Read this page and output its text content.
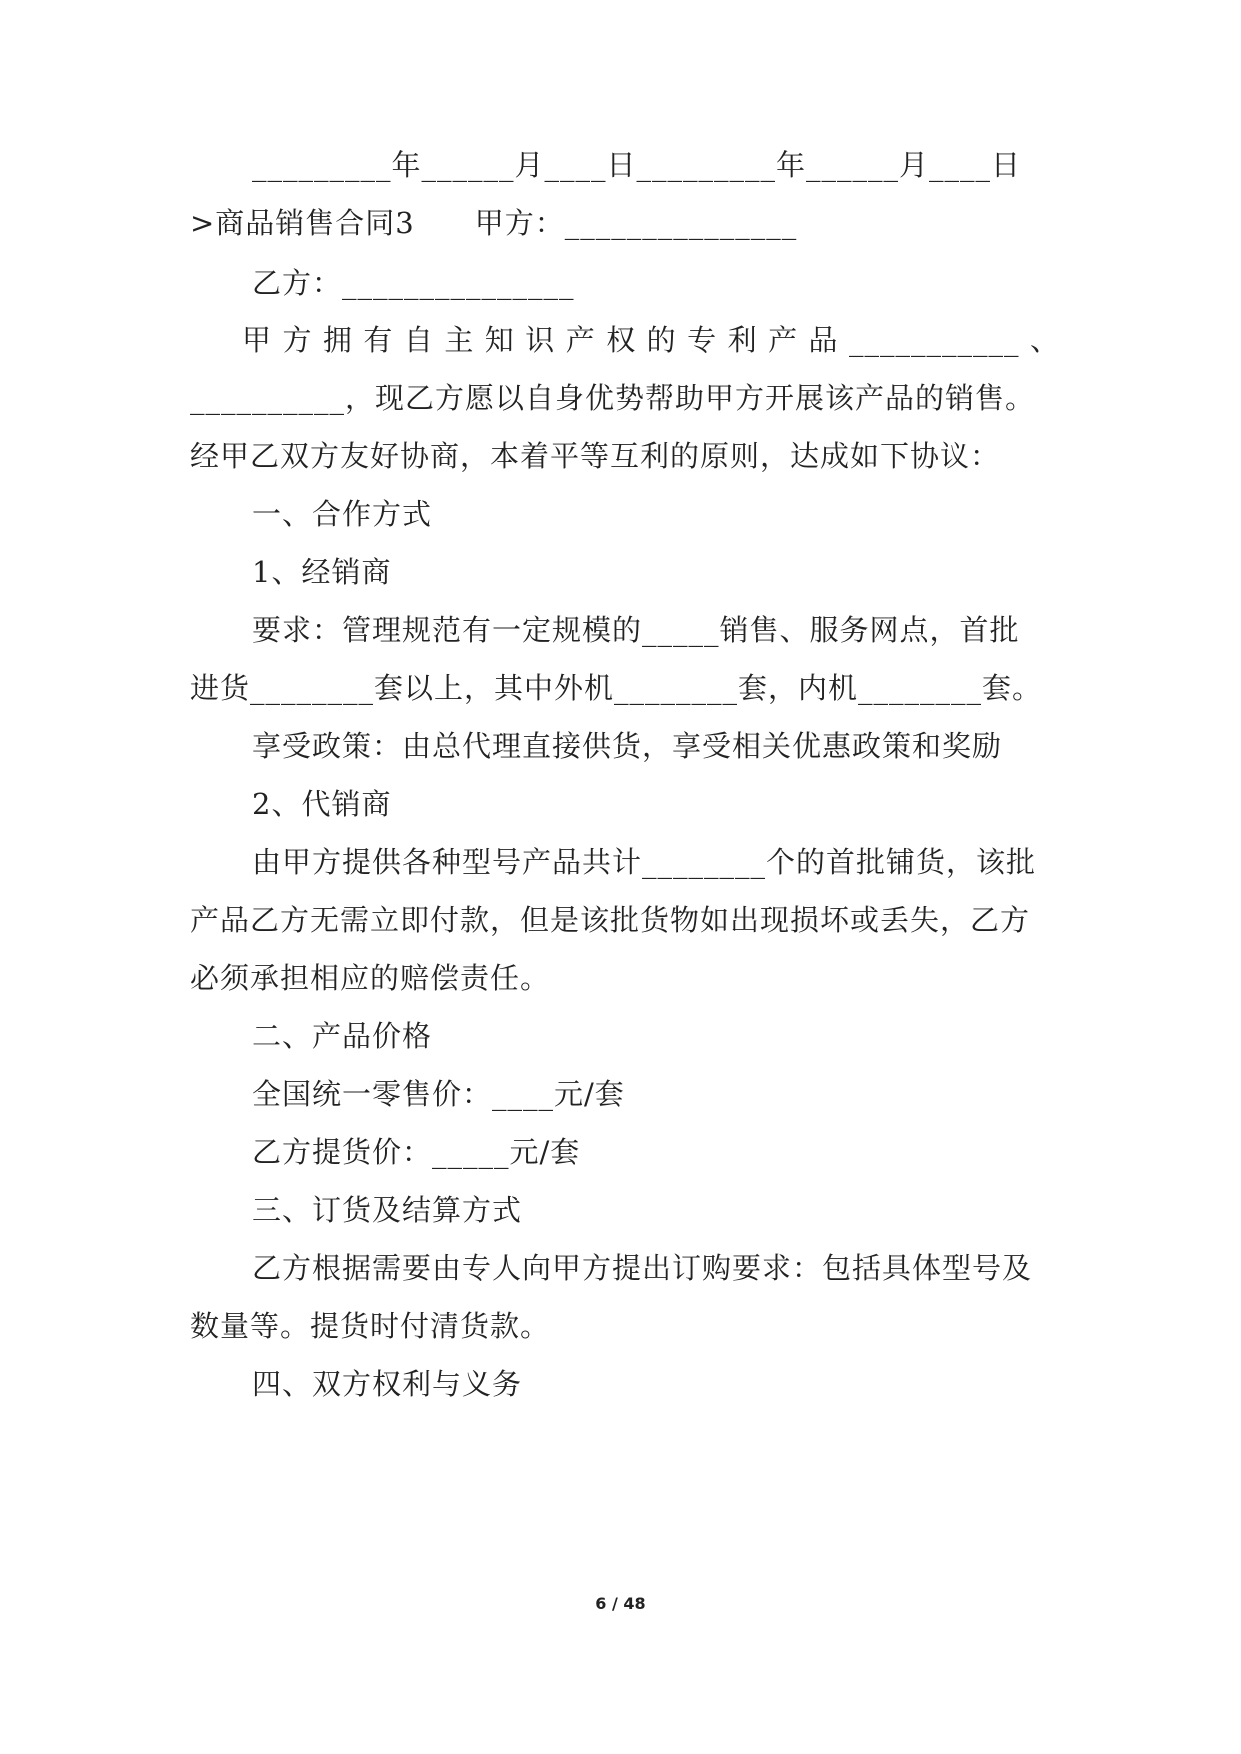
_________年______月____日_________年______月____日
>商品销售合同3　　甲方：_______________
乙方：_______________
甲方拥有自主知识产权的专利产品___________、
__________，现乙方愿以自身优势帮助甲方开展该产品的销售。
经甲乙双方友好协商，本着平等互利的原则，达成如下协议：
一、合作方式
1、经销商
要求：管理规范有一定规模的_____销售、服务网点，首批
进货________套以上，其中外机________套，内机________套。
享受政策：由总代理直接供货，享受相关优惠政策和奖励
2、代销商
由甲方提供各种型号产品共计________个的首批铺货，该批
产品乙方无需立即付款，但是该批货物如出现损坏或丢失，乙方
必须承担相应的赔偿责任。
二、产品价格
全国统一零售价：____元/套
乙方提货价：_____元/套
三、订货及结算方式
乙方根据需要由专人向甲方提出订购要求：包括具体型号及
数量等。提货时付清货款。
四、双方权利与义务
6 / 48
